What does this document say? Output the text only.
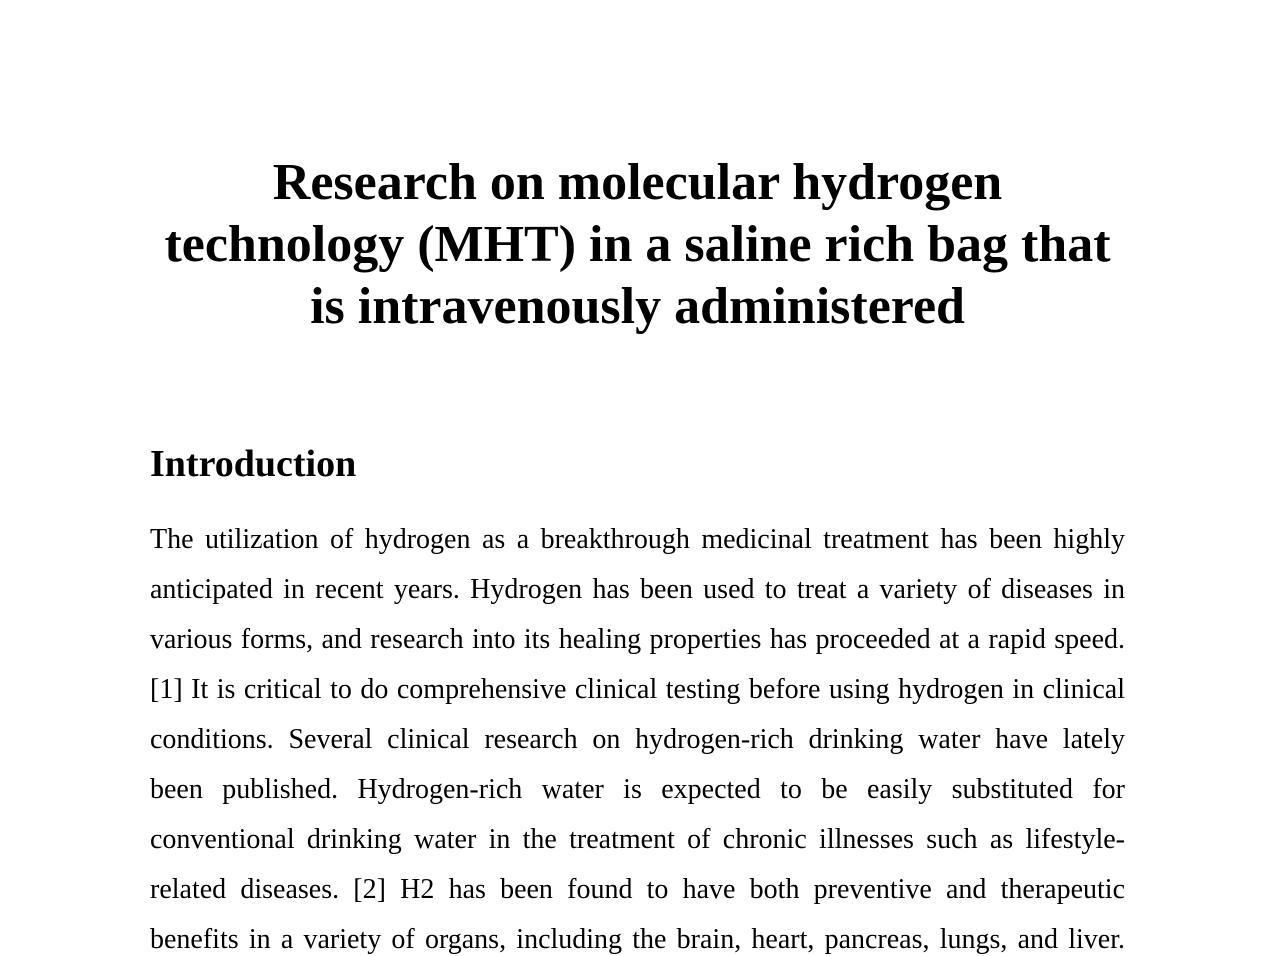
Research on molecular hydrogen
technology (MHT) in a saline rich bag that
is intravenously administered
Introduction
The utilization of hydrogen as a breakthrough medicinal treatment has been highly
anticipated in recent years. Hydrogen has been used to treat a variety of diseases in
various forms, and research into its healing properties has proceeded at a rapid speed.
[1] It is critical to do comprehensive clinical testing before using hydrogen in clinical
conditions. Several clinical research on hydrogen-rich drinking water have lately
been published. Hydrogen-rich water is expected to be easily substituted for
conventional drinking water in the treatment of chronic illnesses such as lifestyle-
related diseases. [2] H2 has been found to have both preventive and therapeutic
benefits in a variety of organs, including the brain, heart, pancreas, lungs, and liver.
